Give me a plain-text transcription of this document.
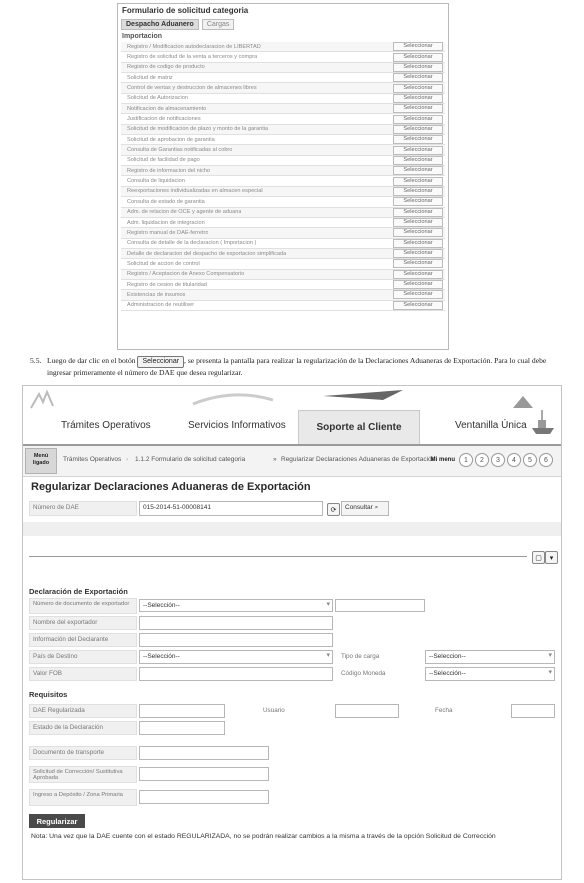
Formulario de solicitud categoria
Despacho Aduanero	Cargas
Importacion
Registro / Modificacion autodeclaracion de LIBERTAD	Seleccionar
Registro de solicitud de la venta a terceros y compra	Seleccionar
Registro de codigo de producto	Seleccionar
Solicitud de matriz	Seleccionar
Control de ventas y destruccion de almacenes libres	Seleccionar
Solicitud de Autorizacion	Seleccionar
Notificacion de almacenamiento	Seleccionar
Justificacion de notificaciones	Seleccionar
Solicitud de modificacion de plazo y monto de la garantia	Seleccionar
Solicitud de aprobacion de garantia	Seleccionar
Consulta de Garantias notificadas al cobro	Seleccionar
Solicitud de facilidad de pago	Seleccionar
Registro de informacion del nicho	Seleccionar
Consulta de liquidacion	Seleccionar
Reexportaciones individualizadas en almacen especial	Seleccionar
Consulta de estado de garantia	Seleccionar
Adm. de relacion de OCE y agente de aduana	Seleccionar
Adm. liquidacion de integracion	Seleccionar
Registro manual de DAE-ferretro	Seleccionar
Consulta de detalle de la declaracion ( Importacion )	Seleccionar
Detalle de declaracion del despacho de exportacion simplificada	Seleccionar
Solicitud de accion de control	Seleccionar
Registro / Aceptacion de Anexo Compensatorio	Seleccionar
Registro de cesion de titularidad	Seleccionar
Existencias de insumos	Seleccionar
Administracion de reutiliser	Seleccionar
5.5. Luego de dar clic en el botón Seleccionar , se presenta la pantalla para realizar la regularización de la Declaraciones Aduaneras de Exportación. Para lo cual debe ingresar primeramente el número de DAE que desea regularizar.
Trámites Operativos	Servicios Informativos	Soporte al Cliente	Ventanilla Única
Menú ligado	Trámites Operativos › 1.1.2 Formulario de solicitud categoria	» Regularizar Declaraciones Aduaneras de Exportación
Mi menu	1	2	3	4	5	6
Regularizar Declaraciones Aduaneras de Exportación
Número de DAE	015-2014-51-00008141	⟳	Consultar ⌕
▢	▾
Declaración de Exportación
Número de documento de exportador	--Selección-- ▾
Nombre del exportador
Información del Declarante
País de Destino	--Selección-- ▾	Tipo de carga	--Seleccion-- ▾
Valor FOB	Código Moneda	--Selección-- ▾
Requisitos
DAE Regularizada	Usuario	Fecha
Estado de la Declaración
Documento de transporte
Solicitud de Corrección/ Sustitutiva Aprobada
Ingreso a Depósito / Zona Primaria
Regularizar
Nota: Una vez que la DAE cuente con el estado REGULARIZADA, no se podrán realizar cambios a la misma a través de la opción Solicitud de Corrección
